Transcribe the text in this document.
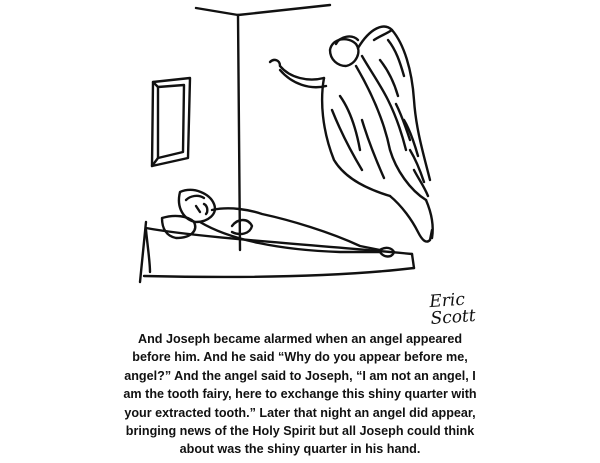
Eric
Scott
And Joseph became alarmed when an angel appeared
before him. And he said “Why do you appear before me,
angel?” And the angel said to Joseph, “I am not an angel, I
am the tooth fairy, here to exchange this shiny quarter with
your extracted tooth.” Later that night an angel did appear,
bringing news of the Holy Spirit but all Joseph could think
about was the shiny quarter in his hand.
